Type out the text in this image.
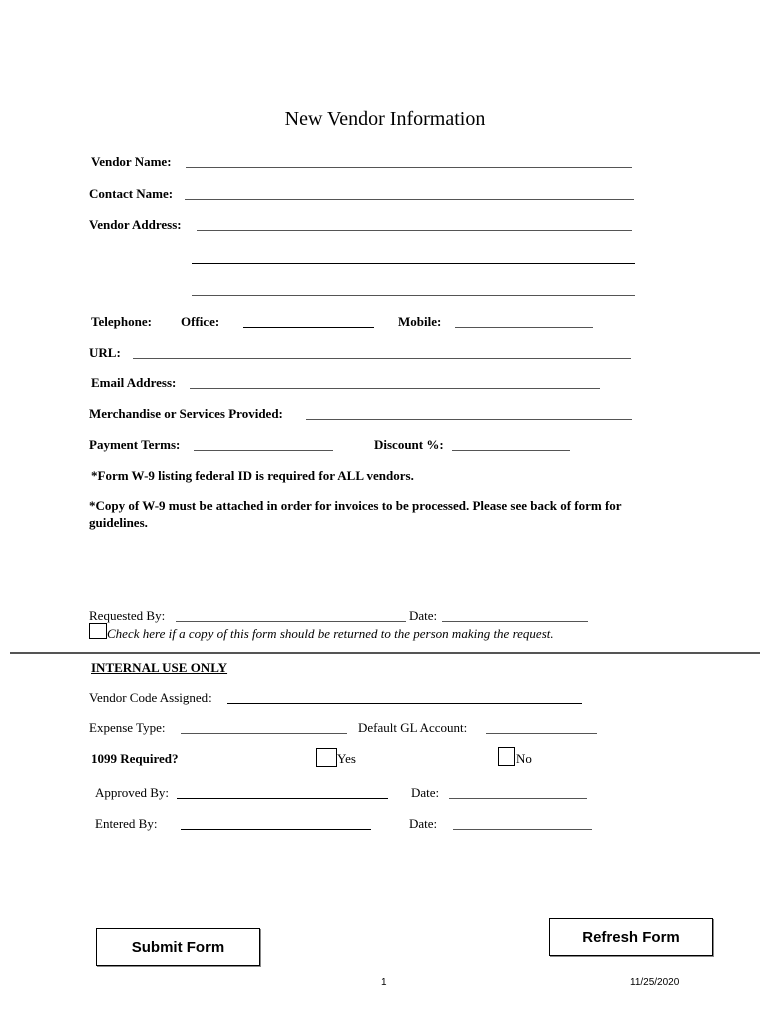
New Vendor Information
Vendor Name:
Contact Name:
Vendor Address:
Telephone: Office:	Mobile:
URL:
Email Address:
Merchandise or Services Provided:
Payment Terms:	Discount %:
*Form W-9 listing federal ID is required for ALL vendors.
*Copy of W-9 must be attached in order for invoices to be processed. Please see back of form for
guidelines.
Requested By:	Date:
Check here if a copy of this form should be returned to the person making the request.
INTERNAL USE ONLY
Vendor Code Assigned:
Expense Type:	Default GL Account:
1099 Required?	Yes	No
Approved By:	Date:
Entered By:	Date:
Submit Form
Refresh Form
1	11/25/2020
